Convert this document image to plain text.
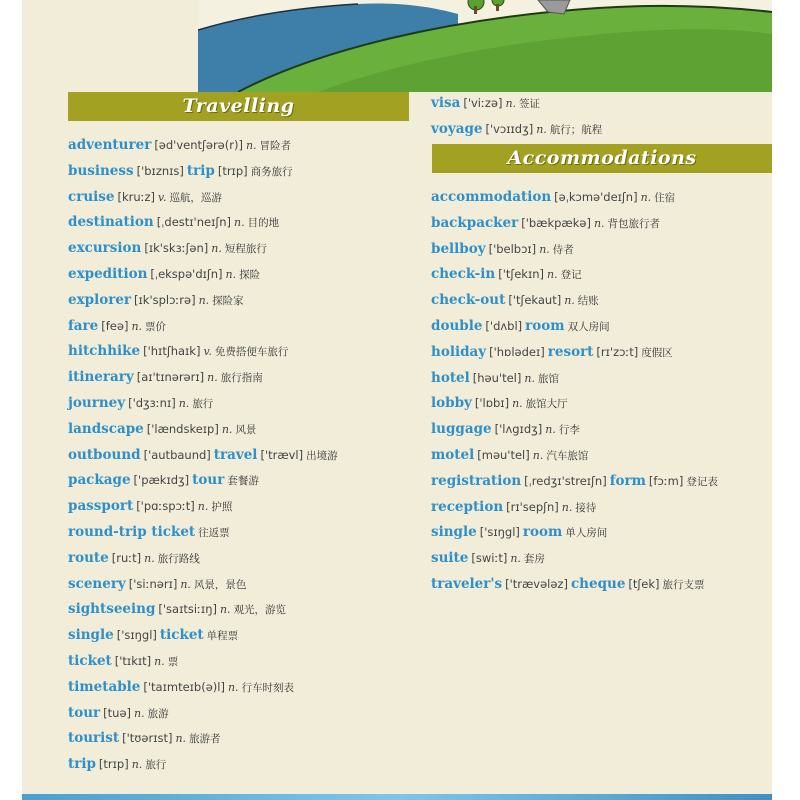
Travelling
Accommodations
adventurer [əd'ventʃərə(r)] n. 冒险者
business ['bɪznɪs] trip [trɪp] 商务旅行
cruise [kruːz] v. 巡航，巡游
destination [ˌdestɪ'neɪʃn] n. 目的地
excursion [ɪk'skɜːʃən] n. 短程旅行
expedition [ˌekspə'dɪʃn] n. 探险
explorer [ɪk'splɔːrə] n. 探险家
fare [feə] n. 票价
hitchhike ['hɪtʃhaɪk] v. 免费搭便车旅行
itinerary [aɪ'tɪnərərɪ] n. 旅行指南
journey ['dʒɜːnɪ] n. 旅行
landscape ['lændskeɪp] n. 风景
outbound ['autbaund] travel ['trævl] 出境游
package ['pækɪdʒ] tour 套餐游
passport ['pɑːspɔːt] n. 护照
round-trip ticket 往返票
route [ruːt] n. 旅行路线
scenery ['siːnərɪ] n. 风景，景色
sightseeing ['saɪtsiːɪŋ] n. 观光，游览
single ['sɪŋgl] ticket 单程票
ticket ['tɪkɪt] n. 票
timetable ['taɪmteɪb(ə)l] n. 行车时刻表
tour [tuə] n. 旅游
tourist ['tʊərɪst] n. 旅游者
trip [trɪp] n. 旅行
visa ['viːzə] n. 签证
voyage ['vɔɪɪdʒ] n. 航行；航程
accommodation [əˌkɔmə'deɪʃn] n. 住宿
backpacker ['bækpækə] n. 背包旅行者
bellboy ['belbɔɪ] n. 侍者
check-in ['tʃekɪn] n. 登记
check-out ['tʃekaut] n. 结账
double ['dʌbl] room 双人房间
holiday ['hɒlədeɪ] resort [rɪ'zɔːt] 度假区
hotel [həu'tel] n. 旅馆
lobby ['lɒbɪ] n. 旅馆大厅
luggage ['lʌgɪdʒ] n. 行李
motel [məu'tel] n. 汽车旅馆
registration [ˌredʒɪ'streɪʃn] form [fɔːm] 登记表
reception [rɪ'sepʃn] n. 接待
single ['sɪŋgl] room 单人房间
suite [swiːt] n. 套房
traveler's ['trævələz] cheque [tʃek] 旅行支票
